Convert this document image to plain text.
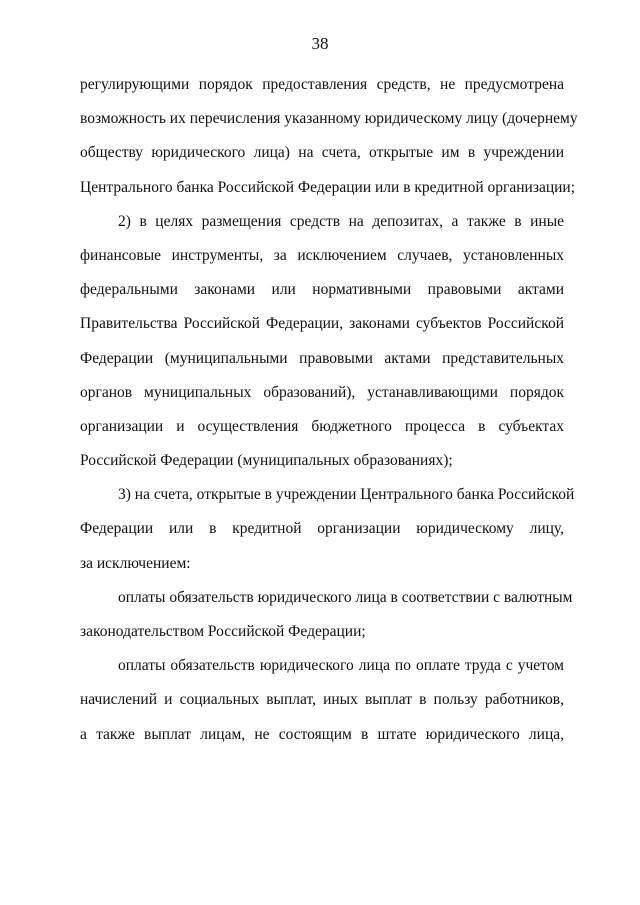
38
регулирующими порядок предоставления средств, не предусмотрена
возможность их перечисления указанному юридическому лицу (дочернему
обществу юридического лица) на счета, открытые им в учреждении
Центрального банка Российской Федерации или в кредитной организации;
2) в целях размещения средств на депозитах, а также в иные
финансовые инструменты, за исключением случаев, установленных
федеральными законами или нормативными правовыми актами
Правительства Российской Федерации, законами субъектов Российской
Федерации (муниципальными правовыми актами представительных
органов муниципальных образований), устанавливающими порядок
организации и осуществления бюджетного процесса в субъектах
Российской Федерации (муниципальных образованиях);
3) на счета, открытые в учреждении Центрального банка Российской
Федерации или в кредитной организации юридическому лицу,
за исключением:
оплаты обязательств юридического лица в соответствии с валютным
законодательством Российской Федерации;
оплаты обязательств юридического лица по оплате труда с учетом
начислений и социальных выплат, иных выплат в пользу работников,
а также выплат лицам, не состоящим в штате юридического лица,
